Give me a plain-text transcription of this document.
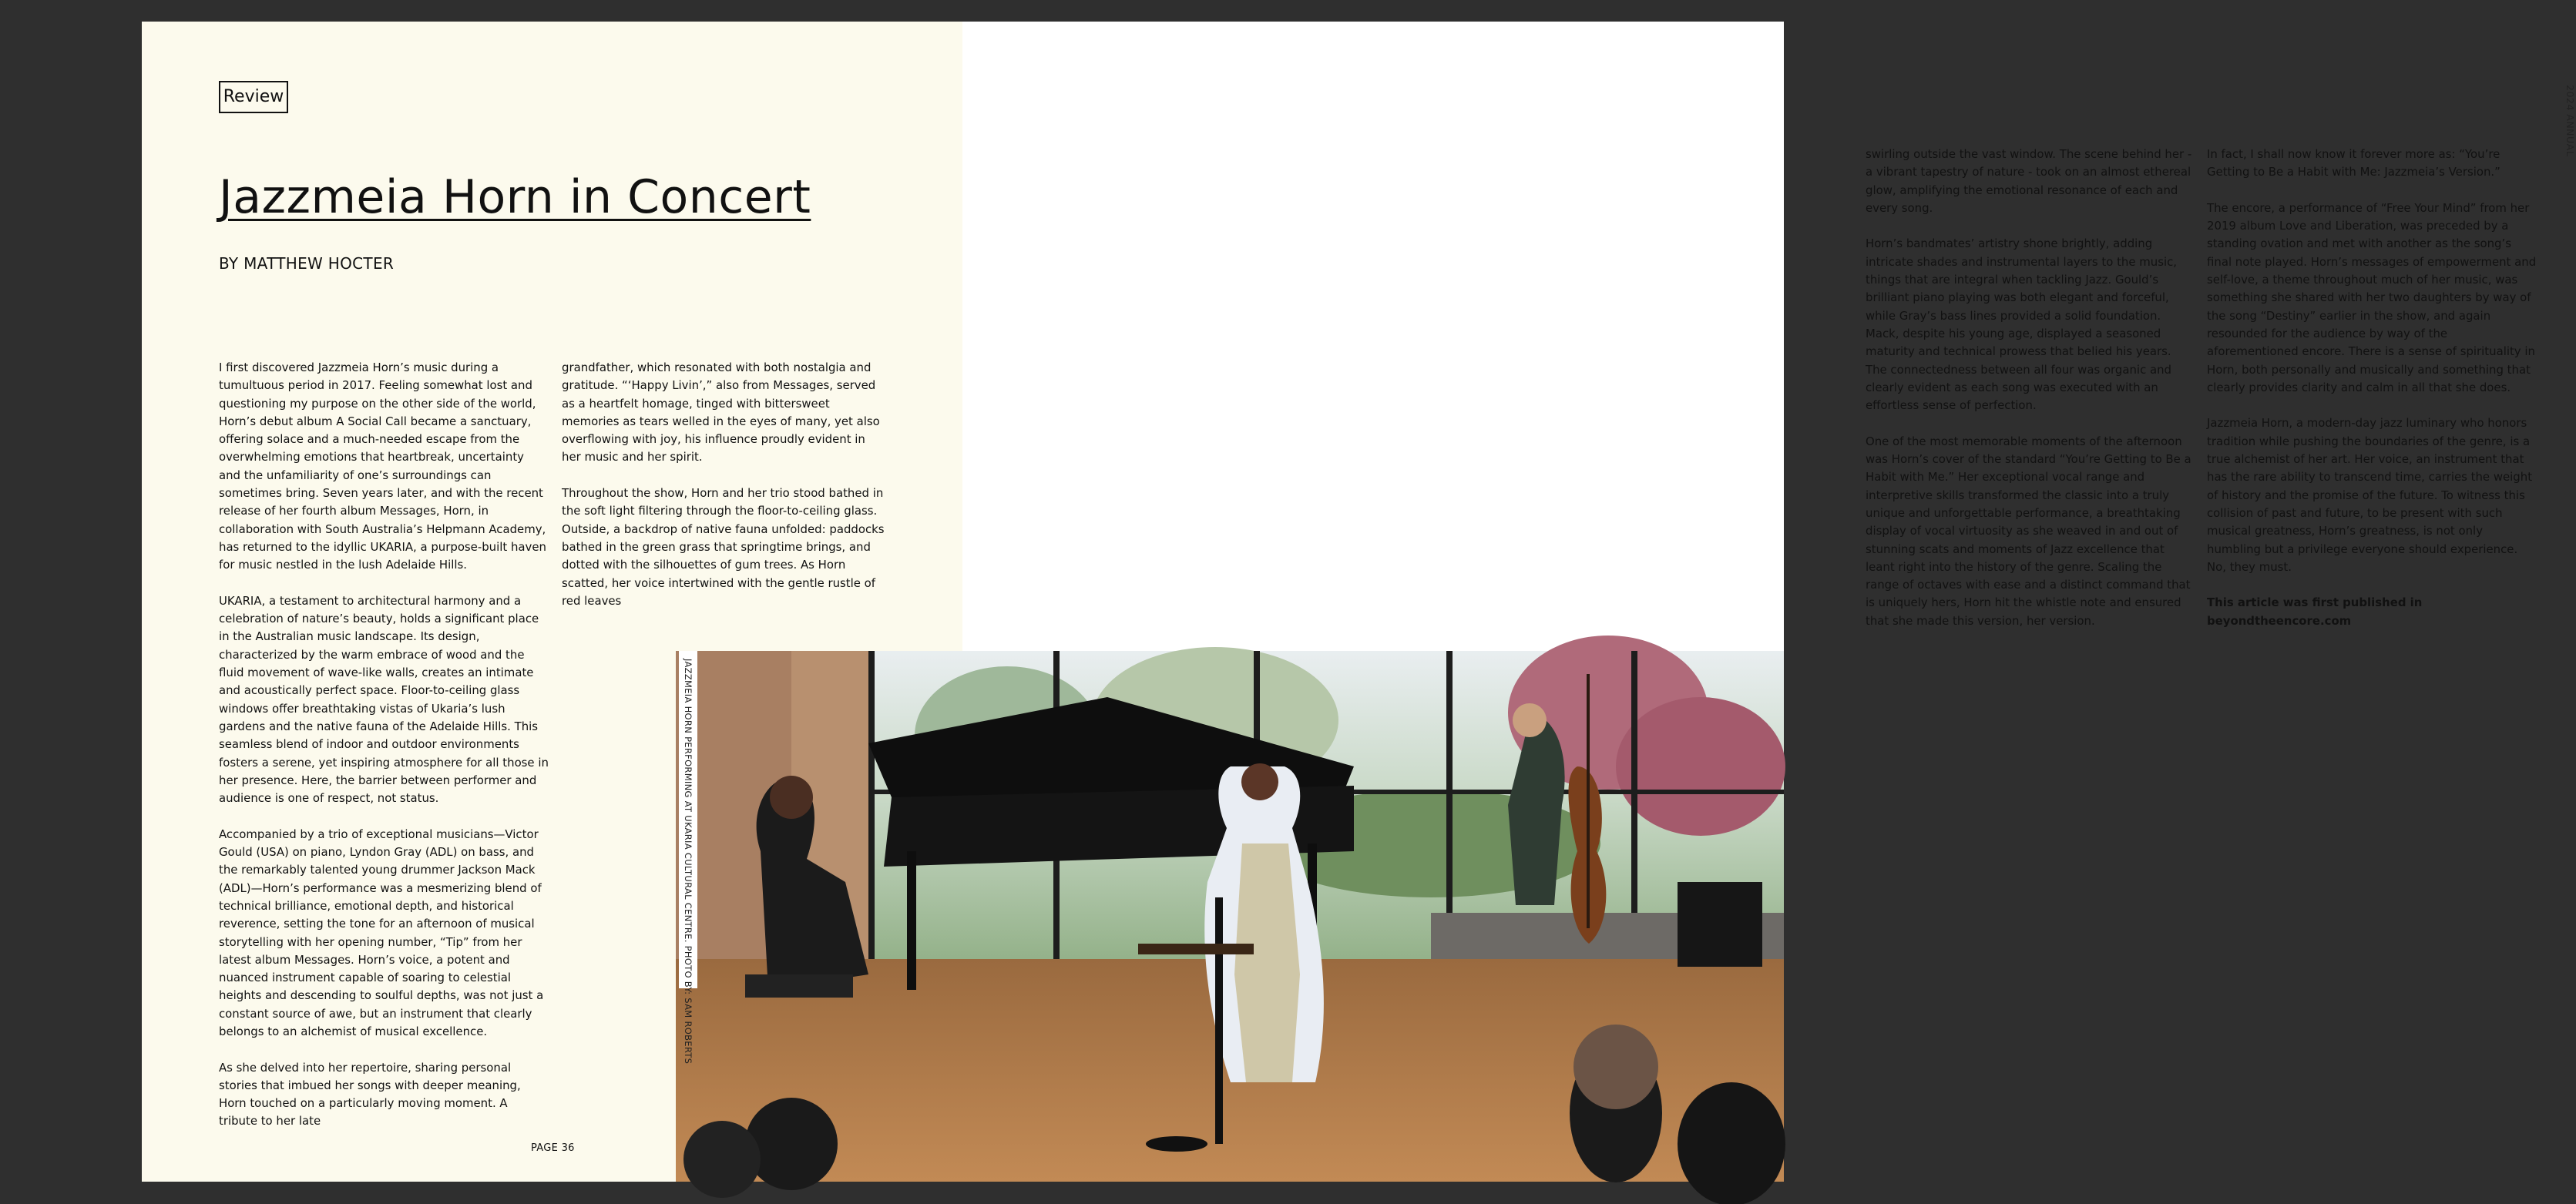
Review
Jazzmeia Horn in Concert
BY MATTHEW HOCTER

I first discovered Jazzmeia Horn’s music during a tumultuous period in 2017. Feeling somewhat lost and questioning my purpose on the other side of the world, Horn’s debut album A Social Call became a sanctuary, offering solace and a much-needed escape from the overwhelming emotions that heartbreak, uncertainty and the unfamiliarity of one’s surroundings can sometimes bring. Seven years later, and with the recent release of her fourth album Messages, Horn, in collaboration with South Australia’s Helpmann Academy, has returned to the idyllic UKARIA, a purpose-built haven for music nestled in the lush Adelaide Hills.

UKARIA, a testament to architectural harmony and a celebration of nature’s beauty, holds a significant place in the Australian music landscape. Its design, characterized by the warm embrace of wood and the fluid movement of wave-like walls, creates an intimate and acoustically perfect space. Floor-to-ceiling glass windows offer breathtaking vistas of Ukaria’s lush gardens and the native fauna of the Adelaide Hills. This seamless blend of indoor and outdoor environments fosters a serene, yet inspiring atmosphere for all those in her presence. Here, the barrier between performer and audience is one of respect, not status.

Accompanied by a trio of exceptional musicians—Victor Gould (USA) on piano, Lyndon Gray (ADL) on bass, and the remarkably talented young drummer Jackson Mack (ADL)—Horn’s performance was a mesmerizing blend of technical brilliance, emotional depth, and historical reverence, setting the tone for an afternoon of musical storytelling with her opening number, “Tip” from her latest album Messages. Horn’s voice, a potent and nuanced instrument capable of soaring to celestial heights and descending to soulful depths, was not just a constant source of awe, but an instrument that clearly belongs to an alchemist of musical excellence.

As she delved into her repertoire, sharing personal stories that imbued her songs with deeper meaning, Horn touched on a particularly moving moment. A tribute to her late

grandfather, which resonated with both nostalgia and gratitude. “‘Happy Livin’,” also from Messages, served as a heartfelt homage, tinged with bittersweet memories as tears welled in the eyes of many, yet also overflowing with joy, his influence proudly evident in her music and her spirit.

Throughout the show, Horn and her trio stood bathed in the soft light filtering through the floor-to-ceiling glass. Outside, a backdrop of native fauna unfolded: paddocks bathed in the green grass that springtime brings, and dotted with the silhouettes of gum trees. As Horn scatted, her voice intertwined with the gentle rustle of red leaves

PAGE 36

swirling outside the vast window. The scene behind her - a vibrant tapestry of nature - took on an almost ethereal glow, amplifying the emotional resonance of each and every song.

Horn’s bandmates’ artistry shone brightly, adding intricate shades and instrumental layers to the music, things that are integral when tackling Jazz. Gould’s brilliant piano playing was both elegant and forceful, while Gray’s bass lines provided a solid foundation. Mack, despite his young age, displayed a seasoned maturity and technical prowess that belied his years. The connectedness between all four was organic and clearly evident as each song was executed with an effortless sense of perfection.

One of the most memorable moments of the afternoon was Horn’s cover of the standard “You’re Getting to Be a Habit with Me.” Her exceptional vocal range and interpretive skills transformed the classic into a truly unique and unforgettable performance, a breathtaking display of vocal virtuosity as she weaved in and out of stunning scats and moments of Jazz excellence that leant right into the history of the genre. Scaling the range of octaves with ease and a distinct command that is uniquely hers, Horn hit the whistle note and ensured that she made this version, her version.

In fact, I shall now know it forever more as: “You’re Getting to Be a Habit with Me: Jazzmeia’s Version.”

The encore, a performance of “Free Your Mind” from her 2019 album Love and Liberation, was preceded by a standing ovation and met with another as the song’s final note played. Horn’s messages of empowerment and self-love, a theme throughout much of her music, was something she shared with her two daughters by way of the song “Destiny” earlier in the show, and again resounded for the audience by way of the aforementioned encore. There is a sense of spirituality in Horn, both personally and musically and something that clearly provides clarity and calm in all that she does.

Jazzmeia Horn, a modern-day jazz luminary who honors tradition while pushing the boundaries of the genre, is a true alchemist of her art. Her voice, an instrument that has the rare ability to transcend time, carries the weight of history and the promise of the future. To witness this collision of past and future, to be present with such musical greatness, Horn’s greatness, is not only humbling but a privilege everyone should experience. No, they must.

This article was first published in beyondtheencore.com

2024 ANNUAL
JAZZMEIA HORN PERFORMING AT UKARIA CULTURAL CENTRE. PHOTO BY: SAM ROBERTS
